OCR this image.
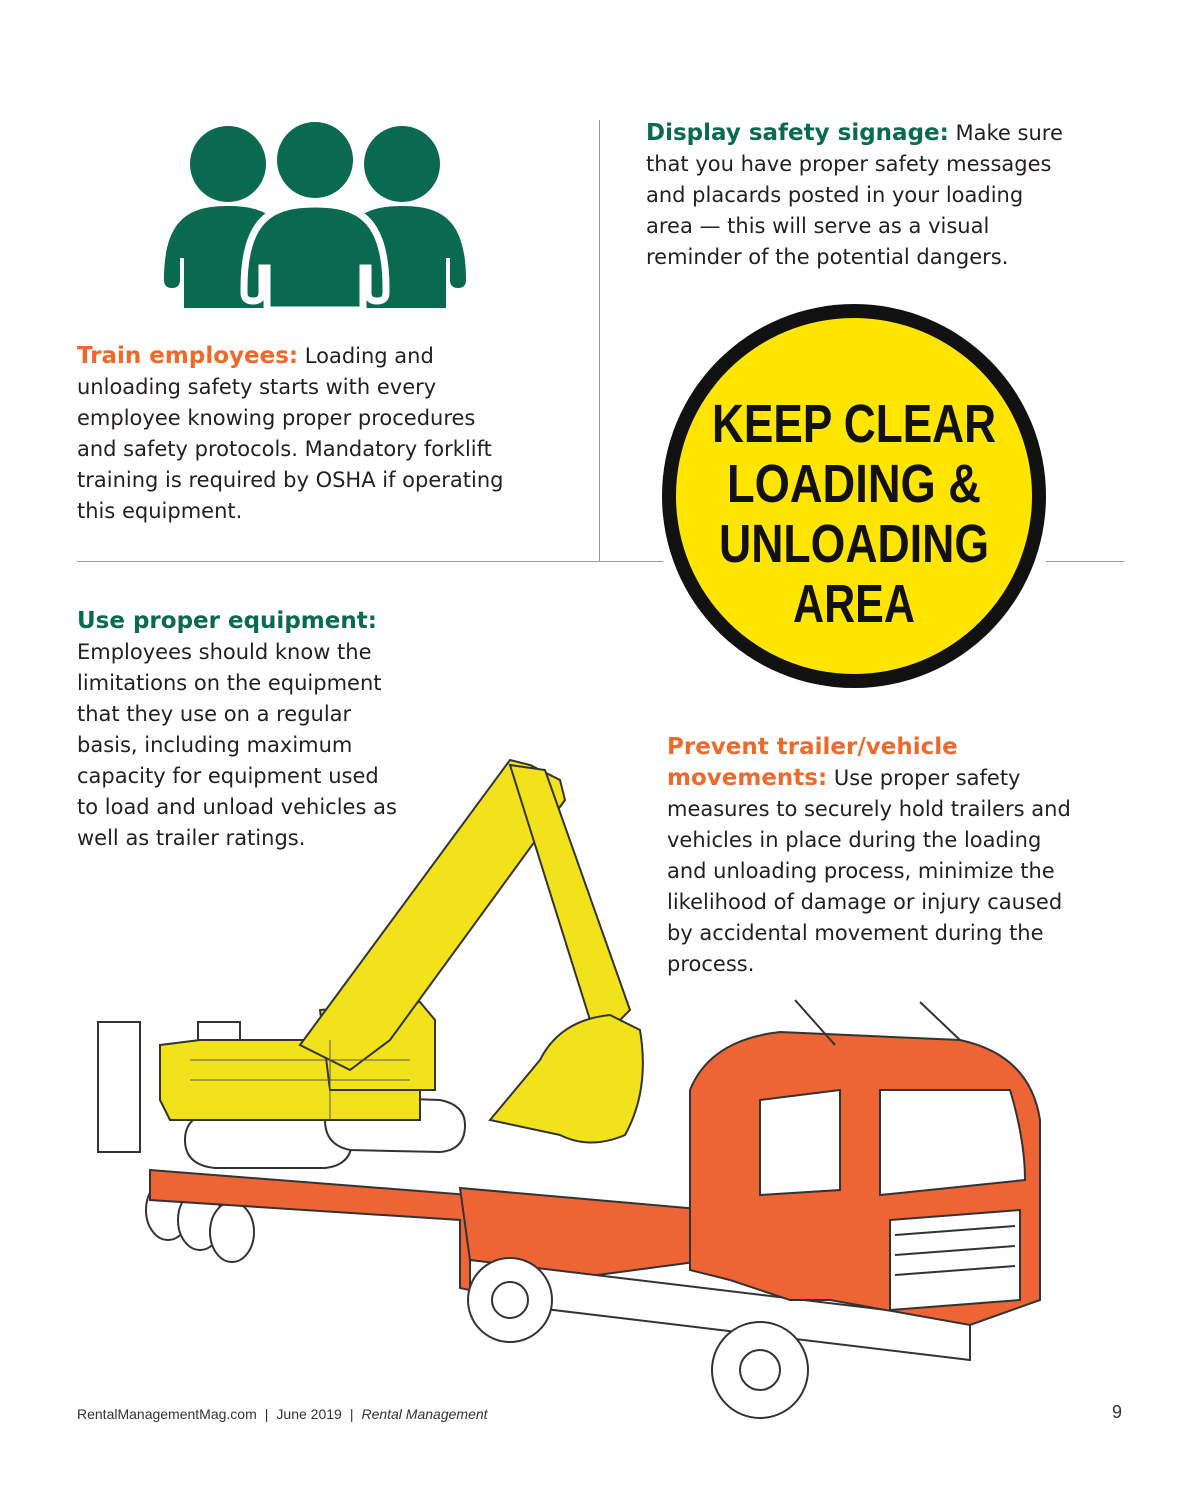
Display safety signage: Make sure that you have proper safety messages and placards posted in your loading area — this will serve as a visual reminder of the potential dangers.
Train employees: Loading and unloading safety starts with every employee knowing proper procedures and safety protocols. Mandatory forklift training is required by OSHA if operating this equipment.
KEEP CLEAR
LOADING &
UNLOADING
AREA
Use proper equipment:
Employees should know the limitations on the equipment that they use on a regular basis, including maximum capacity for equipment used to load and unload vehicles as well as trailer ratings.
Prevent trailer/vehicle
movements: Use proper safety measures to securely hold trailers and vehicles in place during the loading and unloading process, minimize the likelihood of damage or injury caused by accidental movement during the process.
RentalManagementMag.com | June 2019 | Rental Management	9
